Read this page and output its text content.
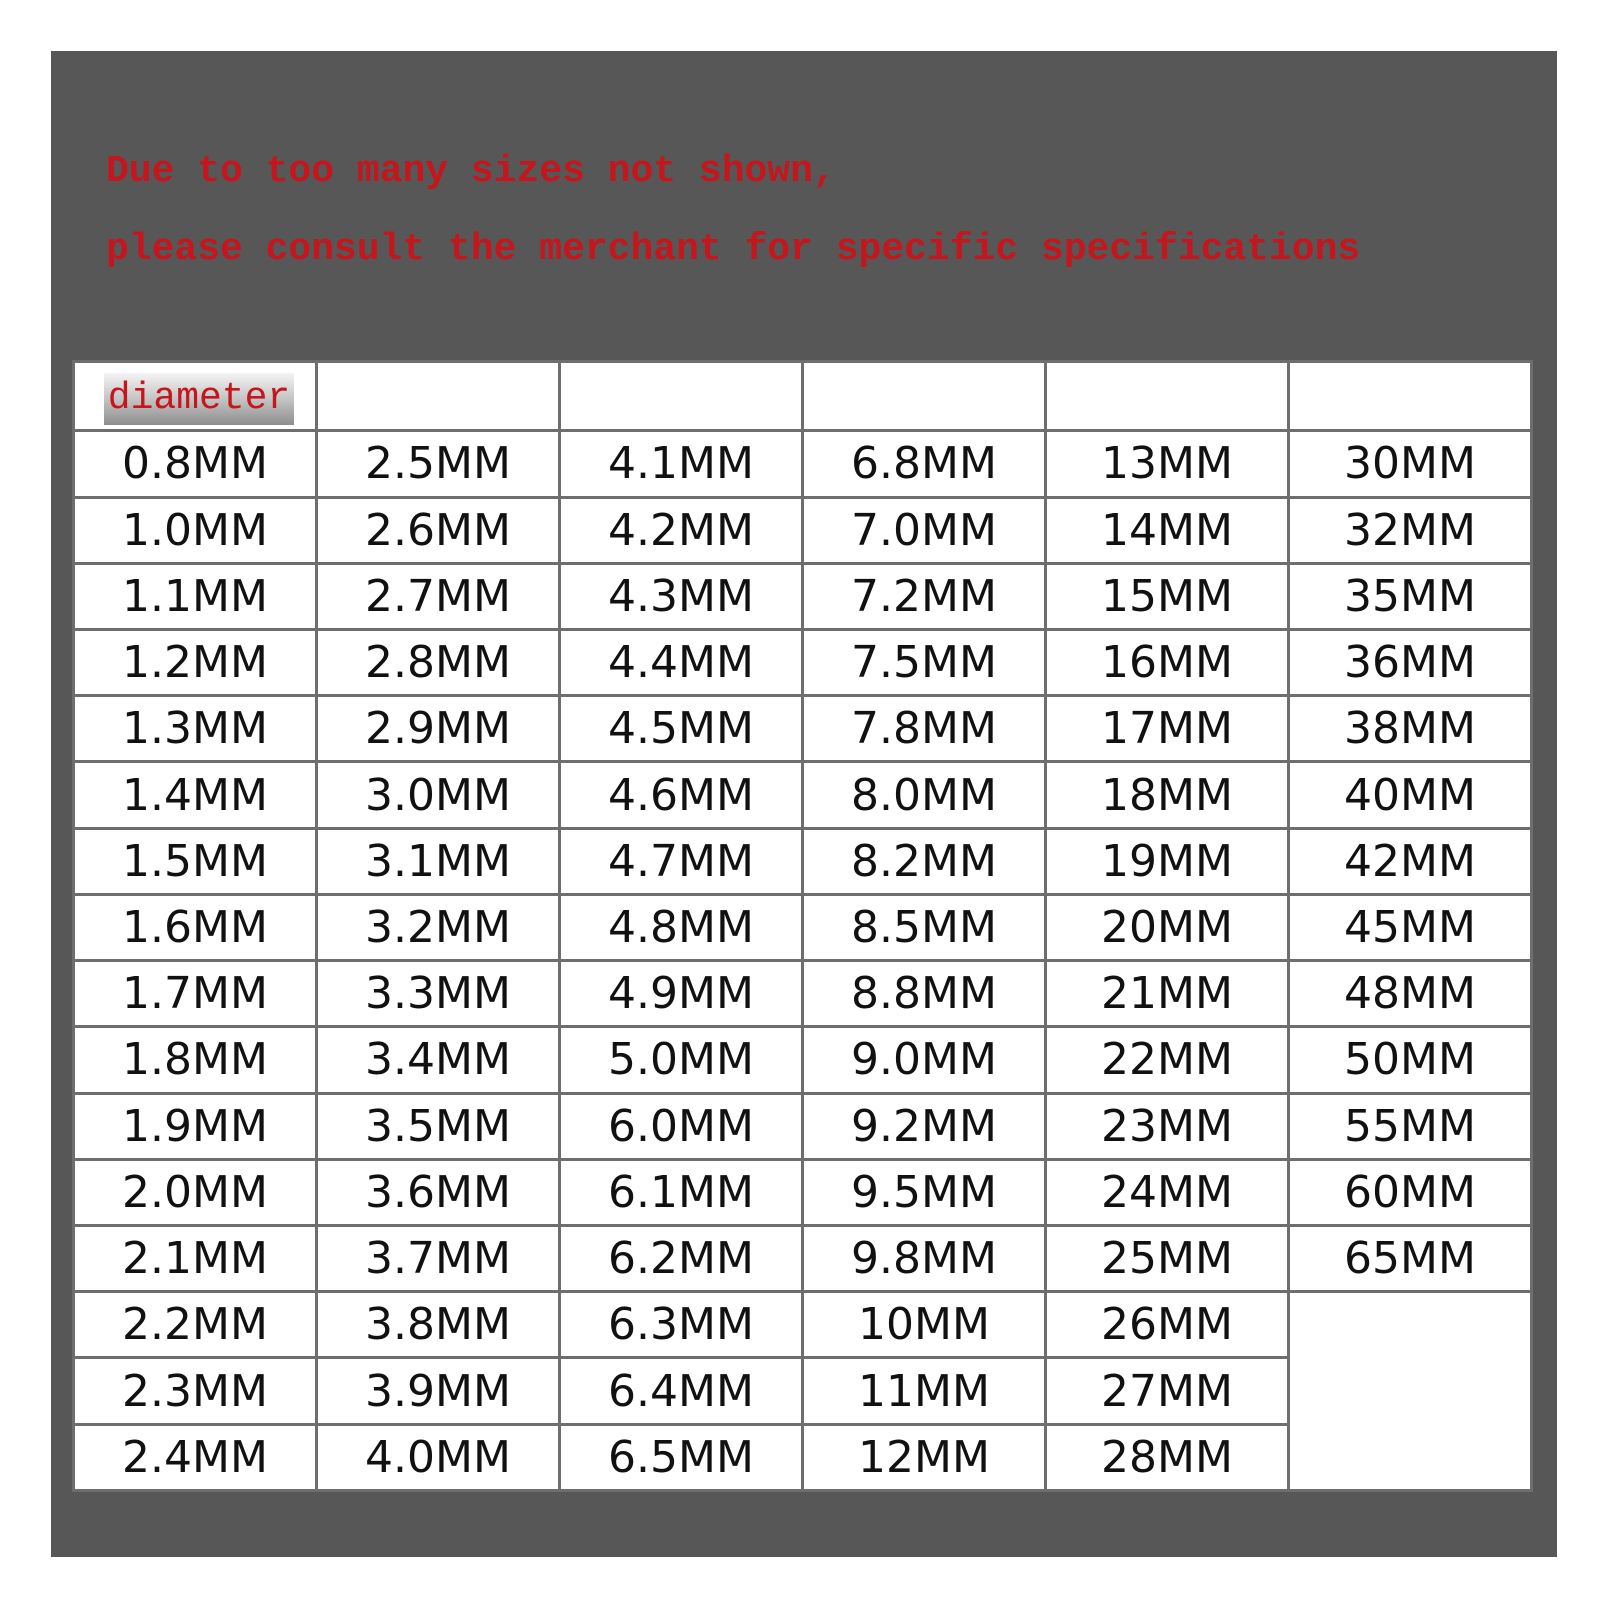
Due to too many sizes not shown,
please consult the merchant for specific specifications
diameter					
0.8MM	2.5MM	4.1MM	6.8MM	13MM	30MM
1.0MM	2.6MM	4.2MM	7.0MM	14MM	32MM
1.1MM	2.7MM	4.3MM	7.2MM	15MM	35MM
1.2MM	2.8MM	4.4MM	7.5MM	16MM	36MM
1.3MM	2.9MM	4.5MM	7.8MM	17MM	38MM
1.4MM	3.0MM	4.6MM	8.0MM	18MM	40MM
1.5MM	3.1MM	4.7MM	8.2MM	19MM	42MM
1.6MM	3.2MM	4.8MM	8.5MM	20MM	45MM
1.7MM	3.3MM	4.9MM	8.8MM	21MM	48MM
1.8MM	3.4MM	5.0MM	9.0MM	22MM	50MM
1.9MM	3.5MM	6.0MM	9.2MM	23MM	55MM
2.0MM	3.6MM	6.1MM	9.5MM	24MM	60MM
2.1MM	3.7MM	6.2MM	9.8MM	25MM	65MM
2.2MM	3.8MM	6.3MM	10MM	26MM	
2.3MM	3.9MM	6.4MM	11MM	27MM	
2.4MM	4.0MM	6.5MM	12MM	28MM	
